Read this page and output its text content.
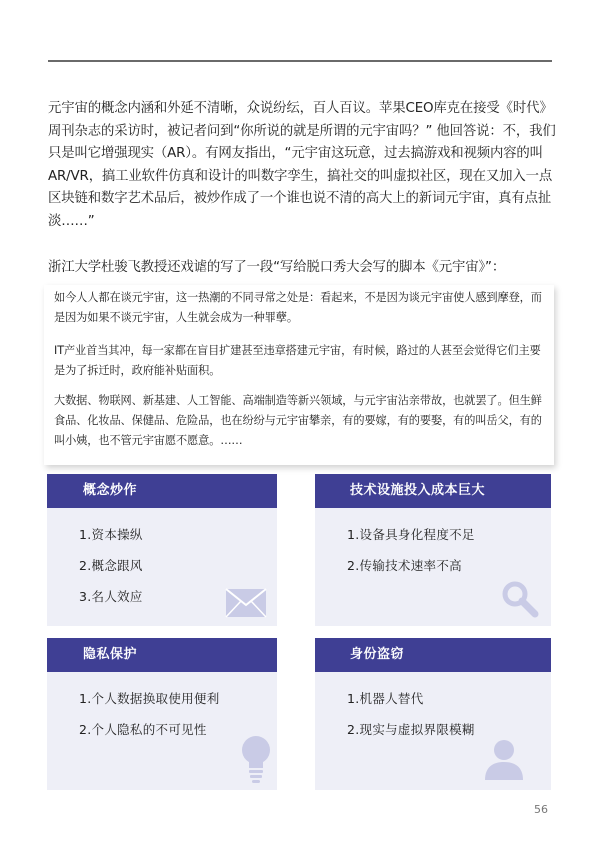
元宇宙的概念内涵和外延不清晰，众说纷纭，百人百议。苹果CEO库克在接受《时代》周刊杂志的采访时，被记者问到“你所说的就是所谓的元宇宙吗？” 他回答说：不，我们只是叫它增强现实（AR）。有网友指出，“元宇宙这玩意，过去搞游戏和视频内容的叫AR/VR，搞工业软件仿真和设计的叫数字孪生，搞社交的叫虚拟社区，现在又加入一点区块链和数字艺术品后，被炒作成了一个谁也说不清的高大上的新词元宇宙，真有点扯淡……”

浙江大学杜骏飞教授还戏谑的写了一段“写给脱口秀大会写的脚本《元宇宙》”：

如今人人都在谈元宇宙，这一热潮的不同寻常之处是：看起来，不是因为谈元宇宙使人感到摩登，而是因为如果不谈元宇宙，人生就会成为一种罪孽。

IT产业首当其冲，每一家都在盲目扩建甚至违章搭建元宇宙，有时候，路过的人甚至会觉得它们主要是为了拆迁时，政府能补贴面积。

大数据、物联网、新基建、人工智能、高端制造等新兴领域，与元宇宙沾亲带故，也就罢了。但生鲜食品、化妆品、保健品、危险品，也在纷纷与元宇宙攀亲，有的要嫁，有的要娶，有的叫岳父，有的叫小姨，也不管元宇宙愿不愿意。……

概念炒作
1.资本操纵
2.概念跟风
3.名人效应
技术设施投入成本巨大
1.设备具身化程度不足
2.传输技术速率不高
隐私保护
1.个人数据换取使用便利
2.个人隐私的不可见性
身份盗窃
1.机器人替代
2.现实与虚拟界限模糊
56
